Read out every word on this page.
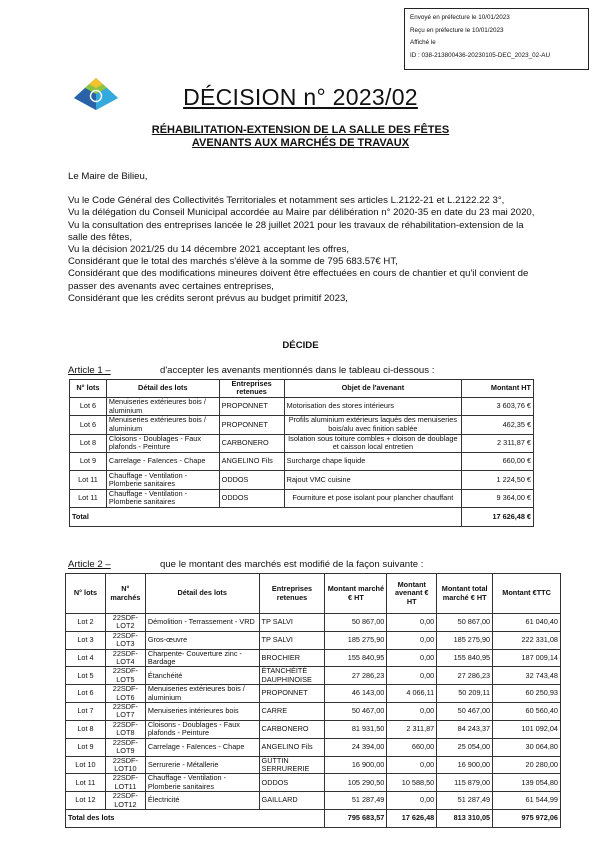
Envoyé en préfecture le 10/01/2023
Reçu en préfecture le 10/01/2023
Affiché le
ID : 038-213800436-20230105-DEC_2023_02-AU
DÉCISION n° 2023/02
RÉHABILITATION-EXTENSION DE LA SALLE DES FÊTES
AVENANTS AUX MARCHÉS DE TRAVAUX

Le Maire de Bilieu,

Vu le Code Général des Collectivités Territoriales et notamment ses articles L.2122-21 et L.2122.22 3°,

Vu la délégation du Conseil Municipal accordée au Maire par délibération n° 2020-35 en date du 23 mai 2020,

Vu la consultation des entreprises lancée le 28 juillet 2021 pour les travaux de réhabilitation-extension de la salle des fêtes,

Vu la décision 2021/25 du 14 décembre 2021 acceptant les offres,

Considérant que le total des marchés s'élève à la somme de 795 683.57€ HT,

Considérant que des modifications mineures doivent être effectuées en cours de chantier et qu'il convient de passer des avenants avec certaines entreprises,

Considérant que les crédits seront prévus au budget primitif 2023,

DÉCIDE
Article 1 –	d'accepter les avenants mentionnés dans le tableau ci-dessous :
N° lots	Détail des lots	Entreprises retenues	Objet de l'avenant	Montant HT
Lot 6	Menuiseries extérieures bois / aluminium	PROPONNET	Motorisation des stores intérieurs	3 603,76 €
Lot 6	Menuiseries extérieures bois / aluminium	PROPONNET	Profils aluminium extérieurs laqués des menuiseries bois/alu avec finition sablée	462,35 €
Lot 8	Cloisons - Doublages - Faux plafonds - Peinture	CARBONERO	Isolation sous toiture combles + cloison de doublage et caisson local entretien	2 311,87 €
Lot 9	Carrelage - Faïences - Chape	ANGELINO Fils	Surcharge chape liquide	660,00 €
Lot 11	Chauffage - Ventilation - Plomberie sanitaires	ODDOS	Rajout VMC cuisine	1 224,50 €
Lot 11	Chauffage - Ventilation - Plomberie sanitaires	ODDOS	Fourniture et pose isolant pour plancher chauffant	9 364,00 €
Total				17 626,48 €
Article 2 –	que le montant des marchés est modifié de la façon suivante :
N° lots	N° marchés	Détail des lots	Entreprises retenues	Montant marché € HT	Montant avenant € HT	Montant total marché € HT	Montant €TTC
Lot 2	22SDF-LOT2	Démolition - Terrassement - VRD	TP SALVI	50 867,00	0,00	50 867,00	61 040,40
Lot 3	22SDF-LOT3	Gros-œuvre	TP SALVI	185 275,90	0,00	185 275,90	222 331,08
Lot 4	22SDF-LOT4	Charpente- Couverture zinc - Bardage	BROCHIER	155 840,95	0,00	155 840,95	187 009,14
Lot 5	22SDF-LOT5	Étanchéité	ÉTANCHÉITÉ DAUPHINOISE	27 286,23	0,00	27 286,23	32 743,48
Lot 6	22SDF-LOT6	Menuiseries extérieures bois / aluminium	PROPONNET	46 143,00	4 066,11	50 209,11	60 250,93
Lot 7	22SDF-LOT7	Menuiseries intérieures bois	CARRE	50 467,00	0,00	50 467,00	60 560,40
Lot 8	22SDF-LOT8	Cloisons - Doublages - Faux plafonds - Peinture	CARBONERO	81 931,50	2 311,87	84 243,37	101 092,04
Lot 9	22SDF-LOT9	Carrelage - Faïences - Chape	ANGELINO Fils	24 394,00	660,00	25 054,00	30 064,80
Lot 10	22SDF-LOT10	Serrurerie - Métallerie	GUTTIN SERRURERIE	16 900,00	0,00	16 900,00	20 280,00
Lot 11	22SDF-LOT11	Chauffage - Ventilation - Plomberie sanitaires	ODDOS	105 290,50	10 588,50	115 879,00	139 054,80
Lot 12	22SDF-LOT12	Électricité	GAILLARD	51 287,49	0,00	51 287,49	61 544,99
Total des lots				795 683,57	17 626,48	813 310,05	975 972,06
